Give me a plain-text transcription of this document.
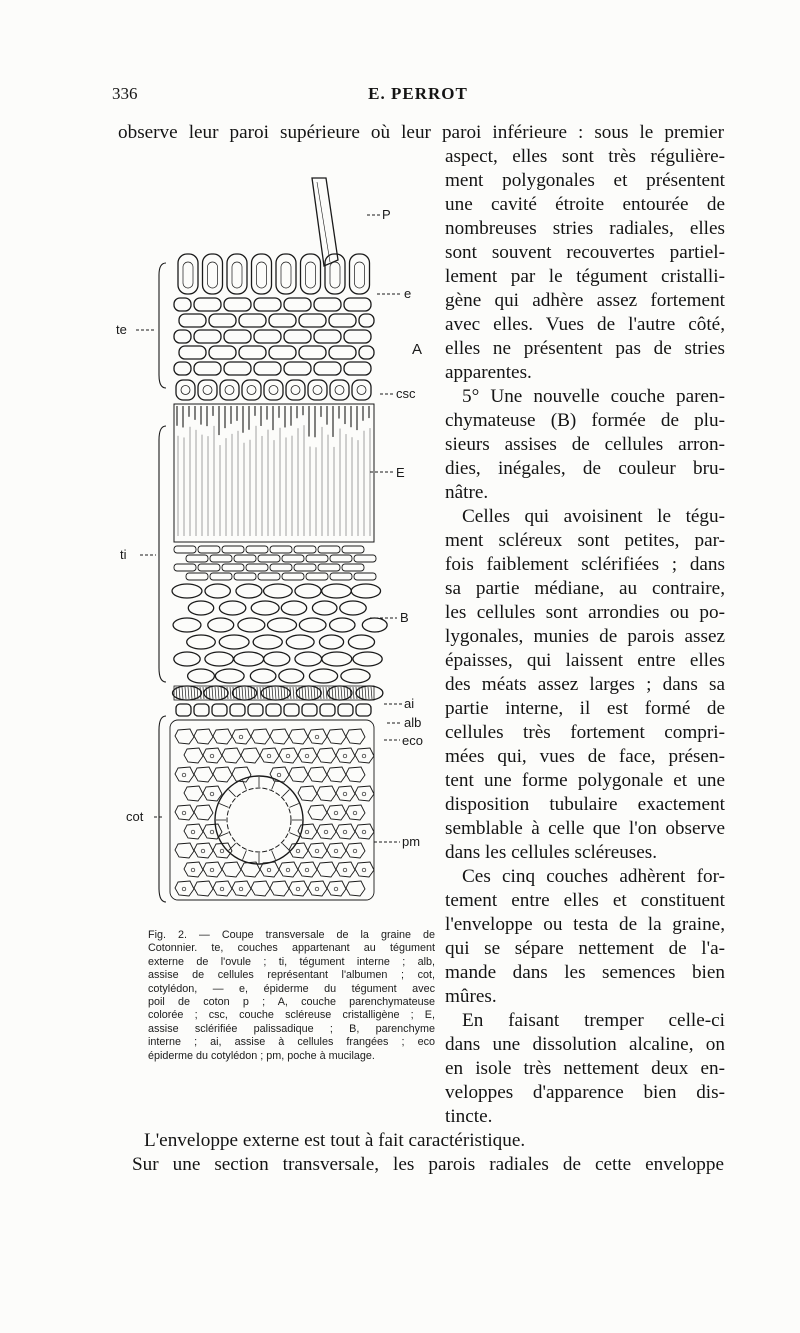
336	E. PERROT
observe leur paroi supérieure où leur paroi inférieure : sous le premier
aspect, elles sont très régulière-
ment polygonales et présentent
une cavité étroite entourée de
nombreuses stries radiales, elles
sont souvent recouvertes partiel-
lement par le tégument cristalli-
gène qui adhère assez fortement
avec elles. Vues de l'autre côté,
elles ne présentent pas de stries
apparentes.
5° Une nouvelle couche paren-
chymateuse (B) formée de plu-
sieurs assises de cellules arron-
dies, inégales, de couleur bru-
nâtre.
Celles qui avoisinent le tégu-
ment scléreux sont petites, par-
fois faiblement sclérifiées ; dans
sa partie médiane, au contraire,
les cellules sont arrondies ou po-
lygonales, munies de parois assez
épaisses, qui laissent entre elles
des méats assez larges ; dans sa
partie interne, il est formé de
cellules très fortement compri-
mées qui, vues de face, présen-
tent une forme polygonale et une
disposition tubulaire exactement
semblable à celle que l'on observe
dans les cellules scléreuses.
Ces cinq couches adhèrent for-
tement entre elles et constituent
l'enveloppe ou testa de la graine,
qui se sépare nettement de l'a-
mande dans les semences bien
mûres.
En faisant tremper celle-ci
dans une dissolution alcaline, on
en isole très nettement deux en-
veloppes d'apparence bien dis-
tincte.
L'enveloppe externe est tout à fait caractéristique.
Sur une section transversale, les parois radiales de cette enveloppe
P
e
A
csc
E
B
ai
alb
eco
pm
te
ti
cot
Fig. 2. — Coupe transversale de la graine de
Cotonnier. te, couches appartenant au tégument
externe de l'ovule ; ti, tégument interne ; alb,
assise de cellules représentant l'albumen ; cot,
cotylédon, — e, épiderme du tégument avec
poil de coton p ; A, couche parenchymateuse
colorée ; csc, couche scléreuse cristalligène ; E,
assise sclérifiée palissadique ; B, parenchyme
interne ; ai, assise à cellules frangées ; eco
épiderme du cotylédon ; pm, poche à mucilage.
